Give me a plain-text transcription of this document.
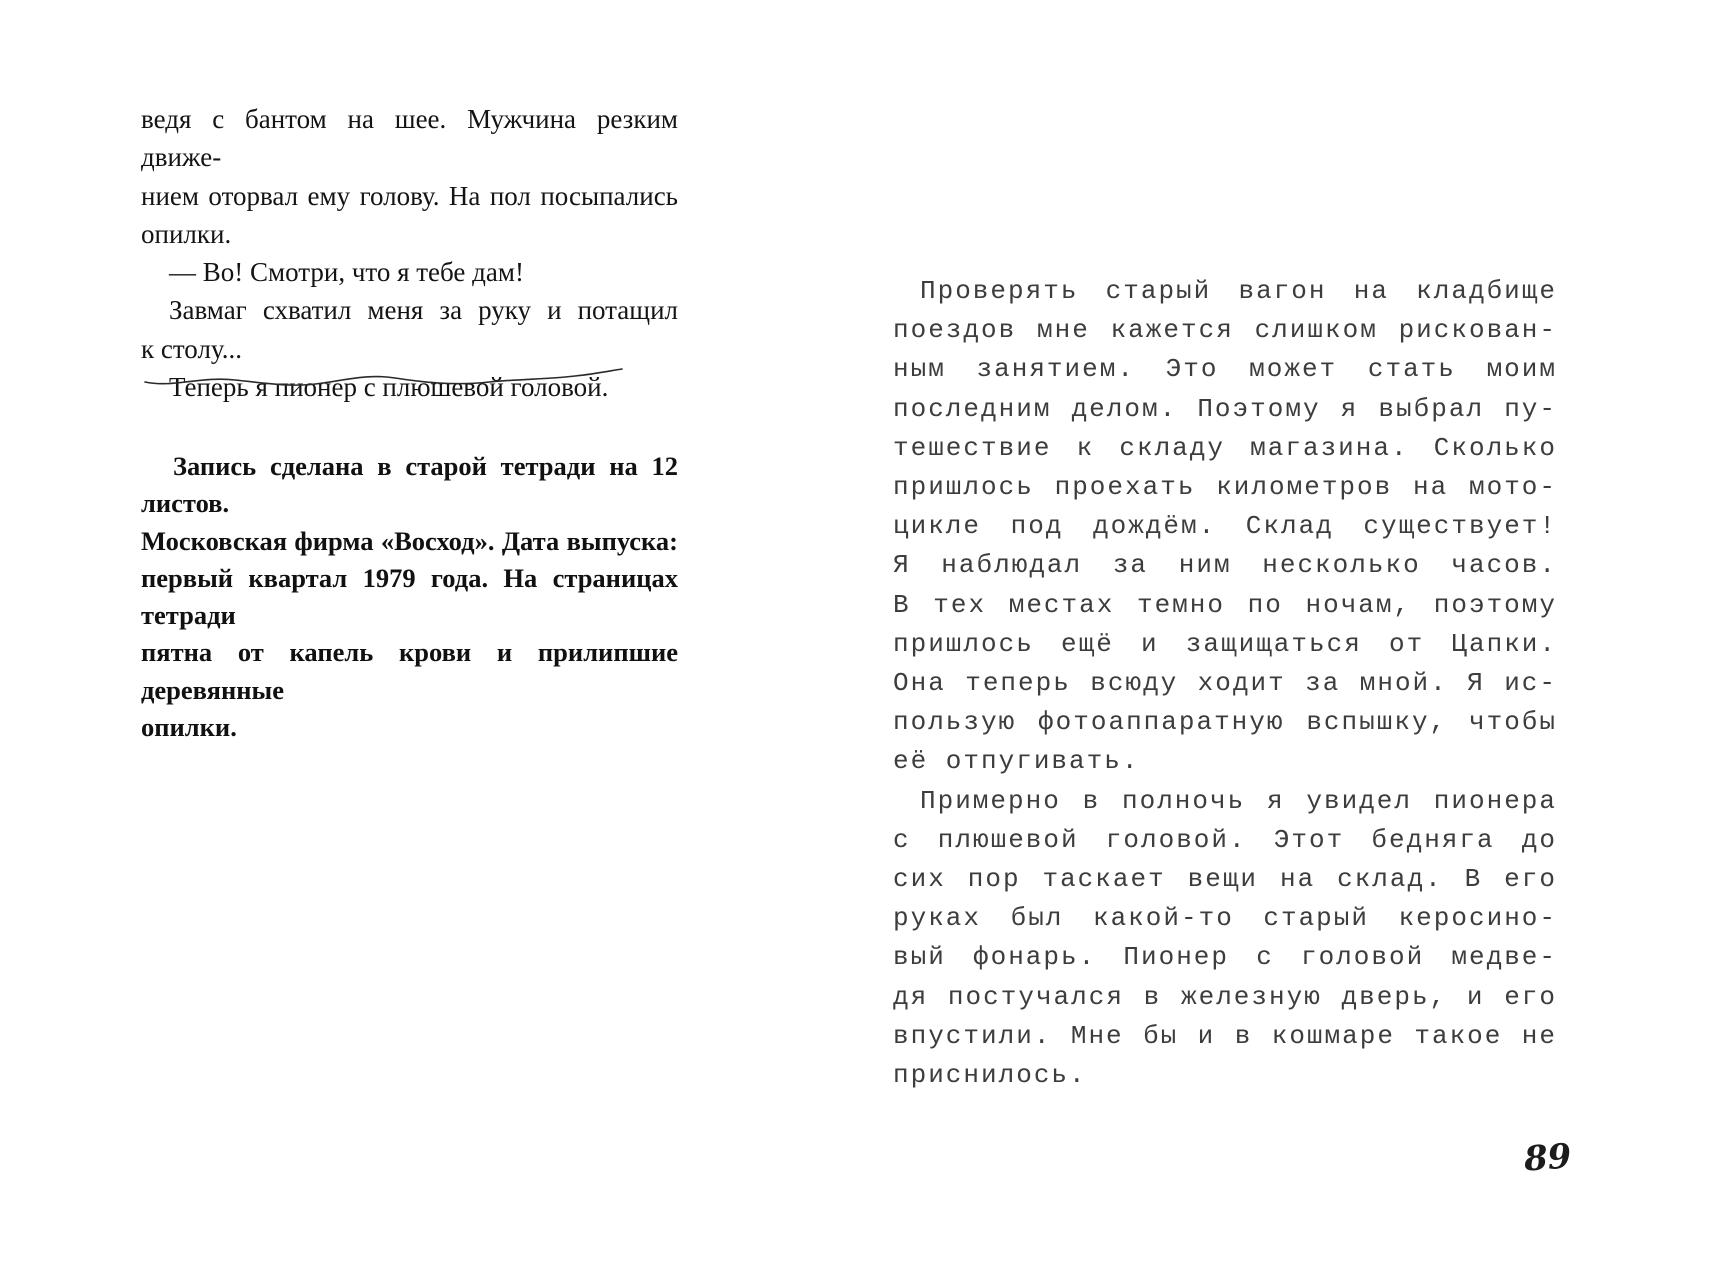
ведя с бантом на шее. Мужчина резким движе-
нием оторвал ему голову. На пол посыпались
опилки.
— Во! Смотри, что я тебе дам!
Завмаг схватил меня за руку и потащил
к столу...
Теперь я пионер с плюшевой головой.
Запись сделана в старой тетради на 12 листов.
Московская фирма «Восход». Дата выпуска:
первый квартал 1979 года. На страницах тетради
пятна от капель крови и прилипшие деревянные
опилки.
Проверять старый вагон на кладбище
поездов мне кажется слишком рискован-
ным занятием. Это может стать моим
последним делом. Поэтому я выбрал пу-
тешествие к складу магазина. Сколько
пришлось проехать километров на мото-
цикле под дождём. Склад существует!
Я наблюдал за ним несколько часов.
В тех местах темно по ночам, поэтому
пришлось ещё и защищаться от Цапки.
Она теперь всюду ходит за мной. Я ис-
пользую фотоаппаратную вспышку, чтобы
её отпугивать.
Примерно в полночь я увидел пионера
с плюшевой головой. Этот бедняга до
сих пор таскает вещи на склад. В его
руках был какой-то старый керосино-
вый фонарь. Пионер с головой медве-
дя постучался в железную дверь, и его
впустили. Мне бы и в кошмаре такое не
приснилось.
89
